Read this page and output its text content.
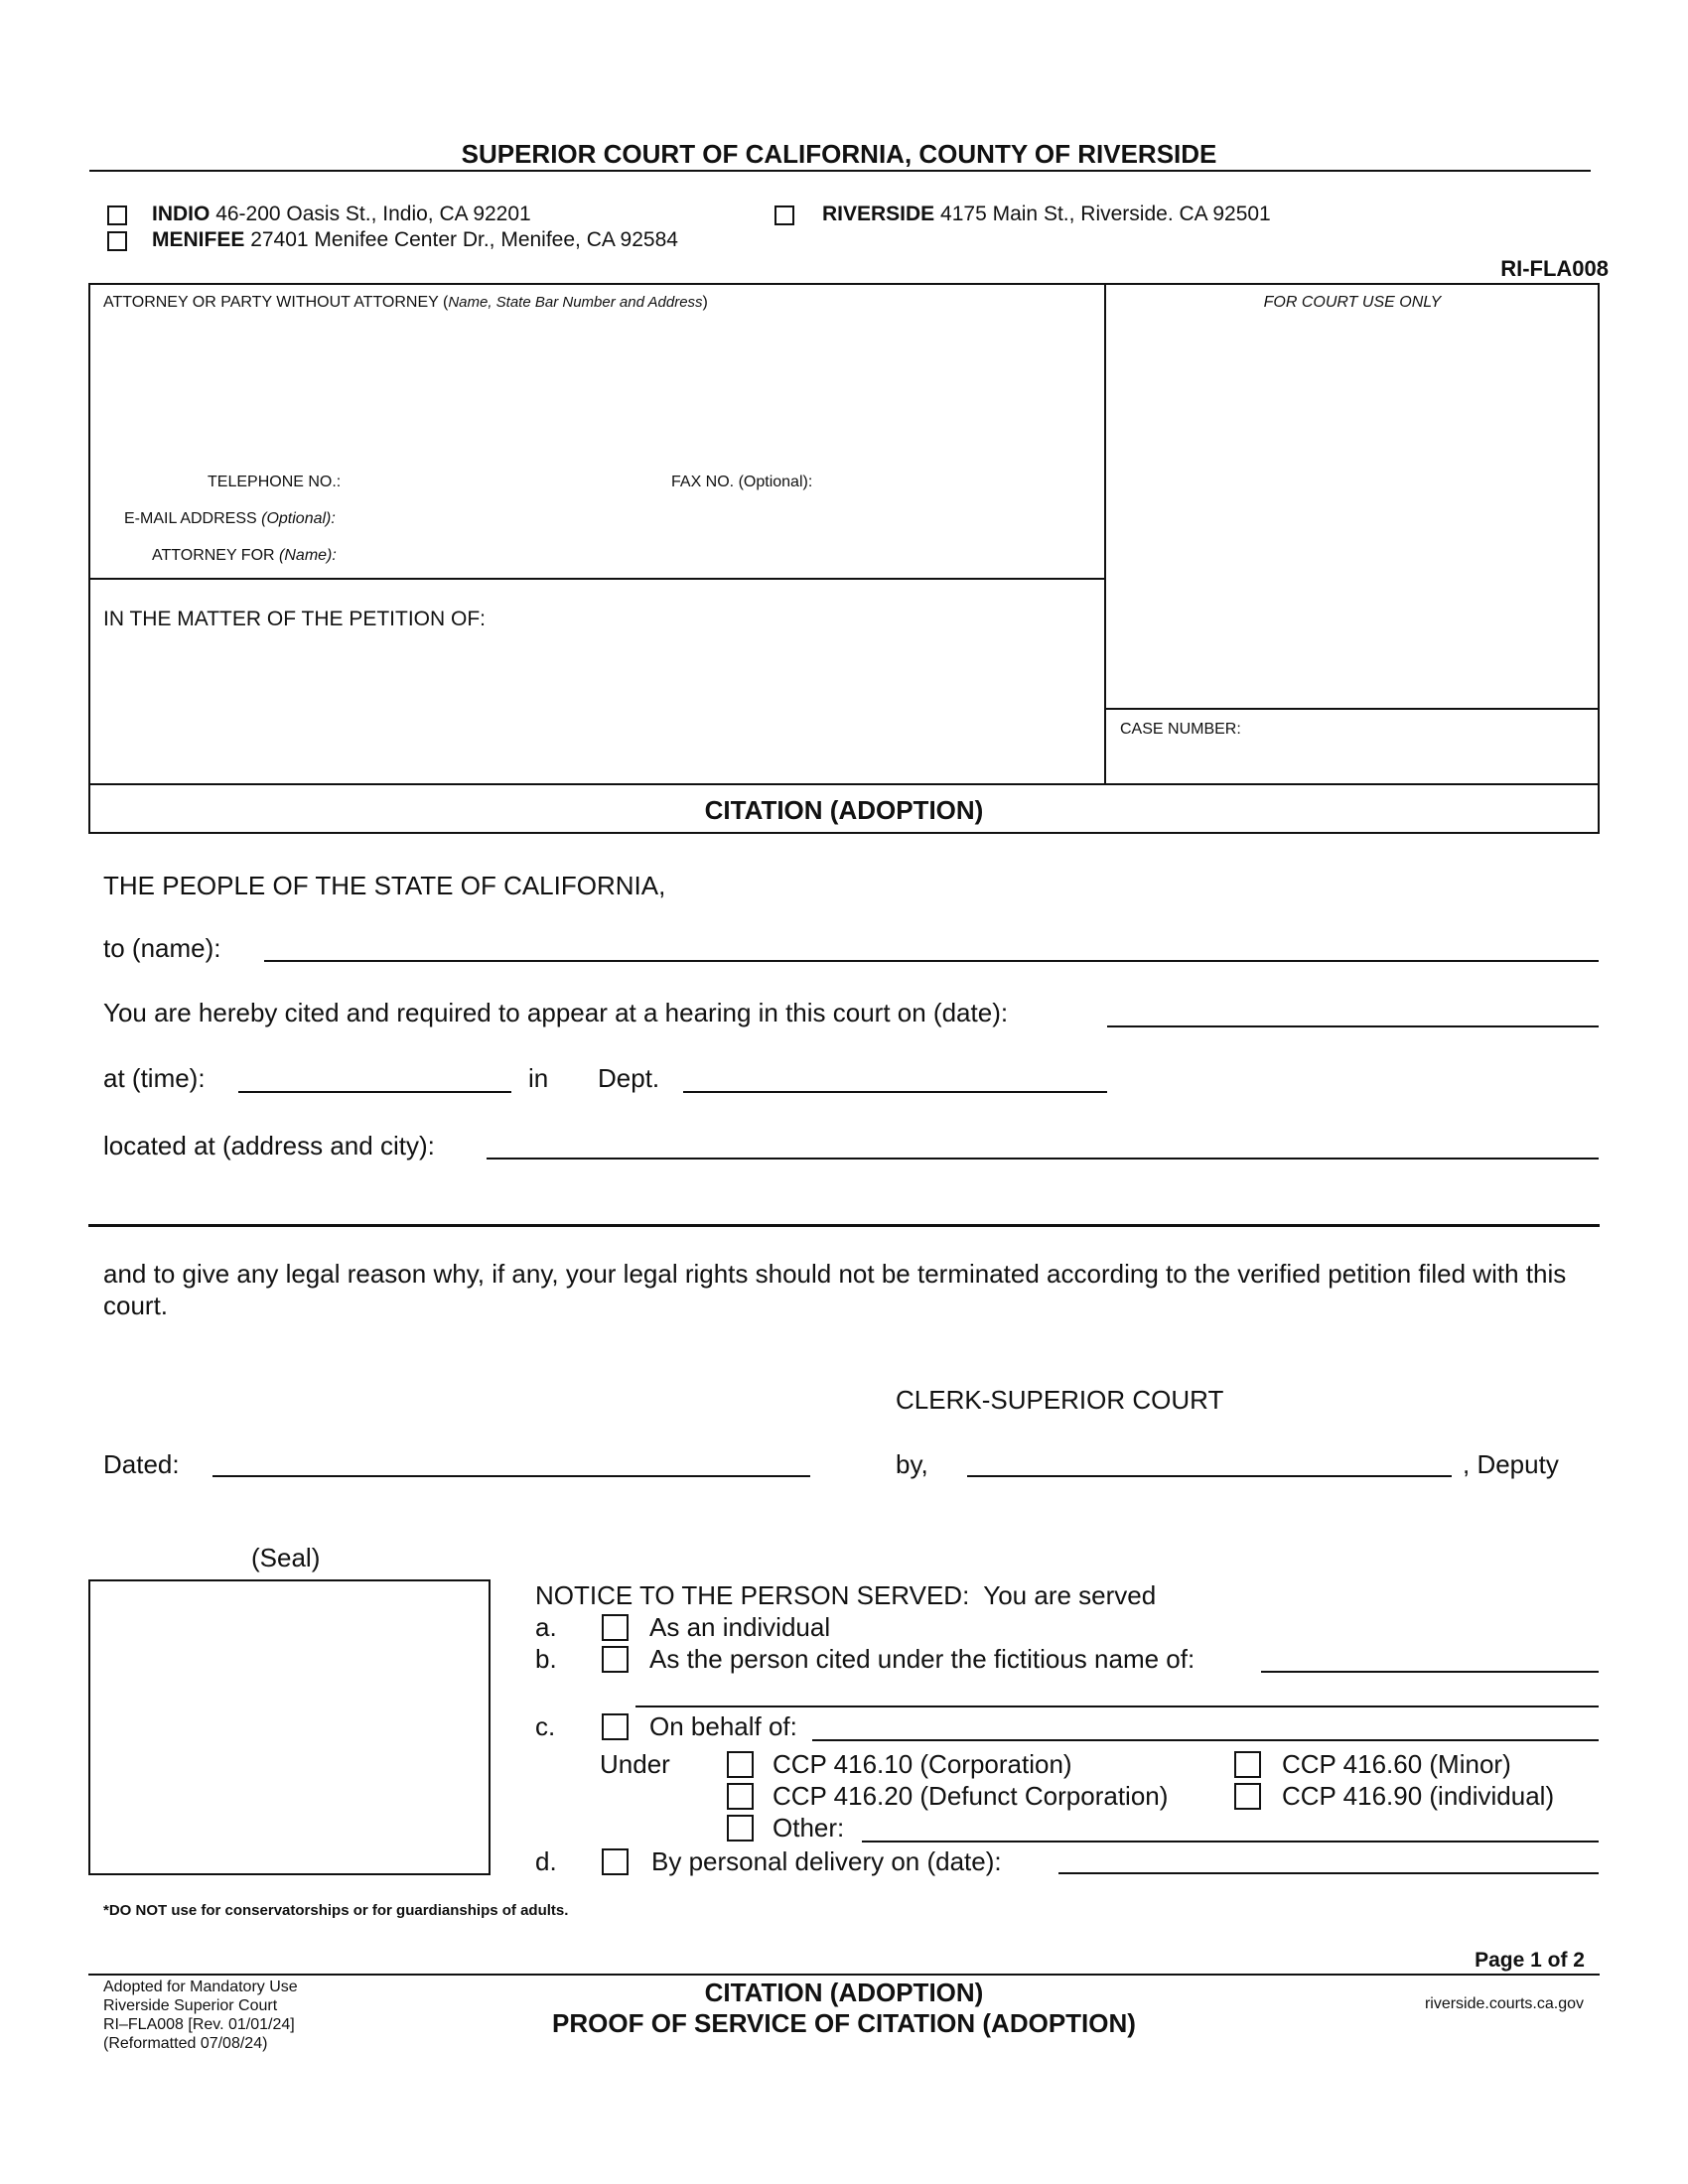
SUPERIOR COURT OF CALIFORNIA, COUNTY OF RIVERSIDE
INDIO 46-200 Oasis St., Indio, CA 92201
MENIFEE 27401 Menifee Center Dr., Menifee, CA 92584
RIVERSIDE 4175 Main St., Riverside. CA 92501
RI-FLA008
ATTORNEY OR PARTY WITHOUT ATTORNEY (Name, State Bar Number and Address)	FOR COURT USE ONLY
TELEPHONE NO.:	FAX NO. (Optional):
E-MAIL ADDRESS (Optional):
ATTORNEY FOR (Name):
IN THE MATTER OF THE PETITION OF:
CASE NUMBER:
CITATION (ADOPTION)
THE PEOPLE OF THE STATE OF CALIFORNIA,
to (name):
You are hereby cited and required to appear at a hearing in this court on (date):
at (time):	in Dept.
located at (address and city):
and to give any legal reason why, if any, your legal rights should not be terminated according to the verified petition filed with this court.
CLERK-SUPERIOR COURT
Dated:	by,	, Deputy
(Seal)
NOTICE TO THE PERSON SERVED:  You are served
a.	As an individual
b.	As the person cited under the fictitious name of:
c.	On behalf of:
Under	CCP 416.10 (Corporation)	CCP 416.60 (Minor)
CCP 416.20 (Defunct Corporation)	CCP 416.90 (individual)
Other:
d.	By personal delivery on (date):
*DO NOT use for conservatorships or for guardianships of adults.
Page 1 of 2
Adopted for Mandatory Use
Riverside Superior Court
RI–FLA008 [Rev. 01/01/24]
(Reformatted 07/08/24)
CITATION (ADOPTION)
PROOF OF SERVICE OF CITATION (ADOPTION)
riverside.courts.ca.gov
